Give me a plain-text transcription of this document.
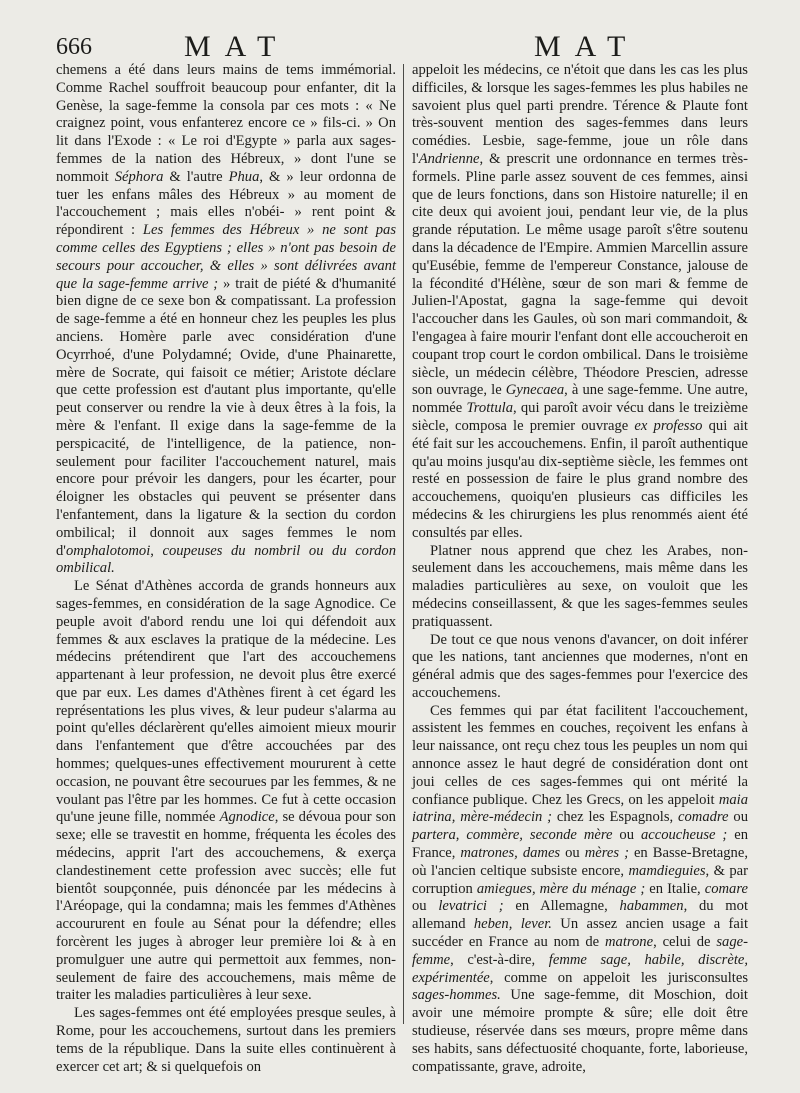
666	MAT	MAT

chemens a été dans leurs mains de tems immémorial. Comme Rachel souffroit beaucoup pour enfanter, dit la Genèse, la sage-femme la consola par ces mots : « Ne craignez point, vous enfanterez encore ce » fils-ci. » On lit dans l'Exode : « Le roi d'Egypte » parla aux sages-femmes de la nation des Hébreux, » dont l'une se nommoit Séphora & l'autre Phua, & » leur ordonna de tuer les enfans mâles des Hébreux » au moment de l'accouchement ; mais elles n'obéi- » rent point & répondirent : Les femmes des Hébreux » ne sont pas comme celles des Egyptiens ; elles » n'ont pas besoin de secours pour accoucher, & elles » sont délivrées avant que la sage-femme arrive ; » trait de piété & d'humanité bien digne de ce sexe bon & compatissant. La profession de sage-femme a été en honneur chez les peuples les plus anciens. Homère parle avec considération d'une Ocyrrhoé, d'une Polydamné; Ovide, d'une Phainarette, mère de Socrate, qui faisoit ce métier; Aristote déclare que cette profession est d'autant plus importante, qu'elle peut conserver ou rendre la vie à deux êtres à la fois, la mère & l'enfant. Il exige dans la sage-femme de la perspicacité, de l'intelligence, de la patience, non-seulement pour faciliter l'accouchement naturel, mais encore pour prévoir les dangers, pour les écarter, pour éloigner les obstacles qui peuvent se présenter dans l'enfantement, dans la ligature & la section du cordon ombilical; il donnoit aux sages femmes le nom d'omphalotomoi, coupeuses du nombril ou du cordon ombilical.

Le Sénat d'Athènes accorda de grands honneurs aux sages-femmes, en considération de la sage Agnodice. Ce peuple avoit d'abord rendu une loi qui défendoit aux femmes & aux esclaves la pratique de la médecine. Les médecins prétendirent que l'art des accouchemens appartenant à leur profession, ne devoit plus être exercé que par eux. Les dames d'Athènes firent à cet égard les représentations les plus vives, & leur pudeur s'alarma au point qu'elles déclarèrent qu'elles aimoient mieux mourir dans l'enfantement que d'être accouchées par des hommes; quelques-unes effectivement moururent à cette occasion, ne pouvant être secourues par les femmes, & ne voulant pas l'être par les hommes. Ce fut à cette occasion qu'une jeune fille, nommée Agnodice, se dévoua pour son sexe; elle se travestit en homme, fréquenta les écoles des médecins, apprit l'art des accouchemens, & exerça clandestinement cette profession avec succès; elle fut bientôt soupçonnée, puis dénoncée par les médecins à l'Aréopage, qui la condamna; mais les femmes d'Athènes accoururent en foule au Sénat pour la défendre; elles forcèrent les juges à abroger leur première loi & à en promulguer une autre qui permettoit aux femmes, non-seulement de faire des accouchemens, mais même de traiter les maladies particulières à leur sexe.

Les sages-femmes ont été employées presque seules, à Rome, pour les accouchemens, surtout dans les premiers tems de la république. Dans la suite elles continuèrent à exercer cet art; & si quelquefois on

appeloit les médecins, ce n'étoit que dans les cas les plus difficiles, & lorsque les sages-femmes les plus habiles ne savoient plus quel parti prendre. Térence & Plaute font très-souvent mention des sages-femmes dans leurs comédies. Lesbie, sage-femme, joue un rôle dans l'Andrienne, & prescrit une ordonnance en termes très-formels. Pline parle assez souvent de ces femmes, ainsi que de leurs fonctions, dans son Histoire naturelle; il en cite deux qui avoient joui, pendant leur vie, de la plus grande réputation. Le même usage paroît s'être soutenu dans la décadence de l'Empire. Ammien Marcellin assure qu'Eusébie, femme de l'empereur Constance, jalouse de la fécondité d'Hélène, sœur de son mari & femme de Julien-l'Apostat, gagna la sage-femme qui devoit l'accoucher dans les Gaules, où son mari commandoit, & l'engagea à faire mourir l'enfant dont elle accoucheroit en coupant trop court le cordon ombilical. Dans le troisième siècle, un médecin célèbre, Théodore Prescien, adresse son ouvrage, le Gynecaea, à une sage-femme. Une autre, nommée Trottula, qui paroît avoir vécu dans le treizième siècle, composa le premier ouvrage ex professo qui ait été fait sur les accouchemens. Enfin, il paroît authentique qu'au moins jusqu'au dix-septième siècle, les femmes ont resté en possession de faire le plus grand nombre des accouchemens, quoiqu'en plusieurs cas difficiles les médecins & les chirurgiens les plus renommés aient été consultés par elles.

Platner nous apprend que chez les Arabes, non-seulement dans les accouchemens, mais même dans les maladies particulières au sexe, on vouloit que les médecins conseillassent, & que les sages-femmes seules pratiquassent.

De tout ce que nous venons d'avancer, on doit inférer que les nations, tant anciennes que modernes, n'ont en général admis que des sages-femmes pour l'exercice des accouchemens.

Ces femmes qui par état facilitent l'accouchement, assistent les femmes en couches, reçoivent les enfans à leur naissance, ont reçu chez tous les peuples un nom qui annonce assez le haut degré de considération dont ont joui celles de ces sages-femmes qui ont mérité la confiance publique. Chez les Grecs, on les appeloit maia iatrina, mère-médecin ; chez les Espagnols, comadre ou partera, commère, seconde mère ou accoucheuse ; en France, matrones, dames ou mères ; en Basse-Bretagne, où l'ancien celtique subsiste encore, mamdieguies, & par corruption amiegues, mère du ménage ; en Italie, comare ou levatrici ; en Allemagne, habammen, du mot allemand heben, lever. Un assez ancien usage a fait succéder en France au nom de matrone, celui de sage-femme, c'est-à-dire, femme sage, habile, discrète, expérimentée, comme on appeloit les jurisconsultes sages-hommes. Une sage-femme, dit Moschion, doit avoir une mémoire prompte & sûre; elle doit être studieuse, réservée dans ses mœurs, propre même dans ses habits, sans défectuosité choquante, forte, laborieuse, compatissante, grave, adroite,
